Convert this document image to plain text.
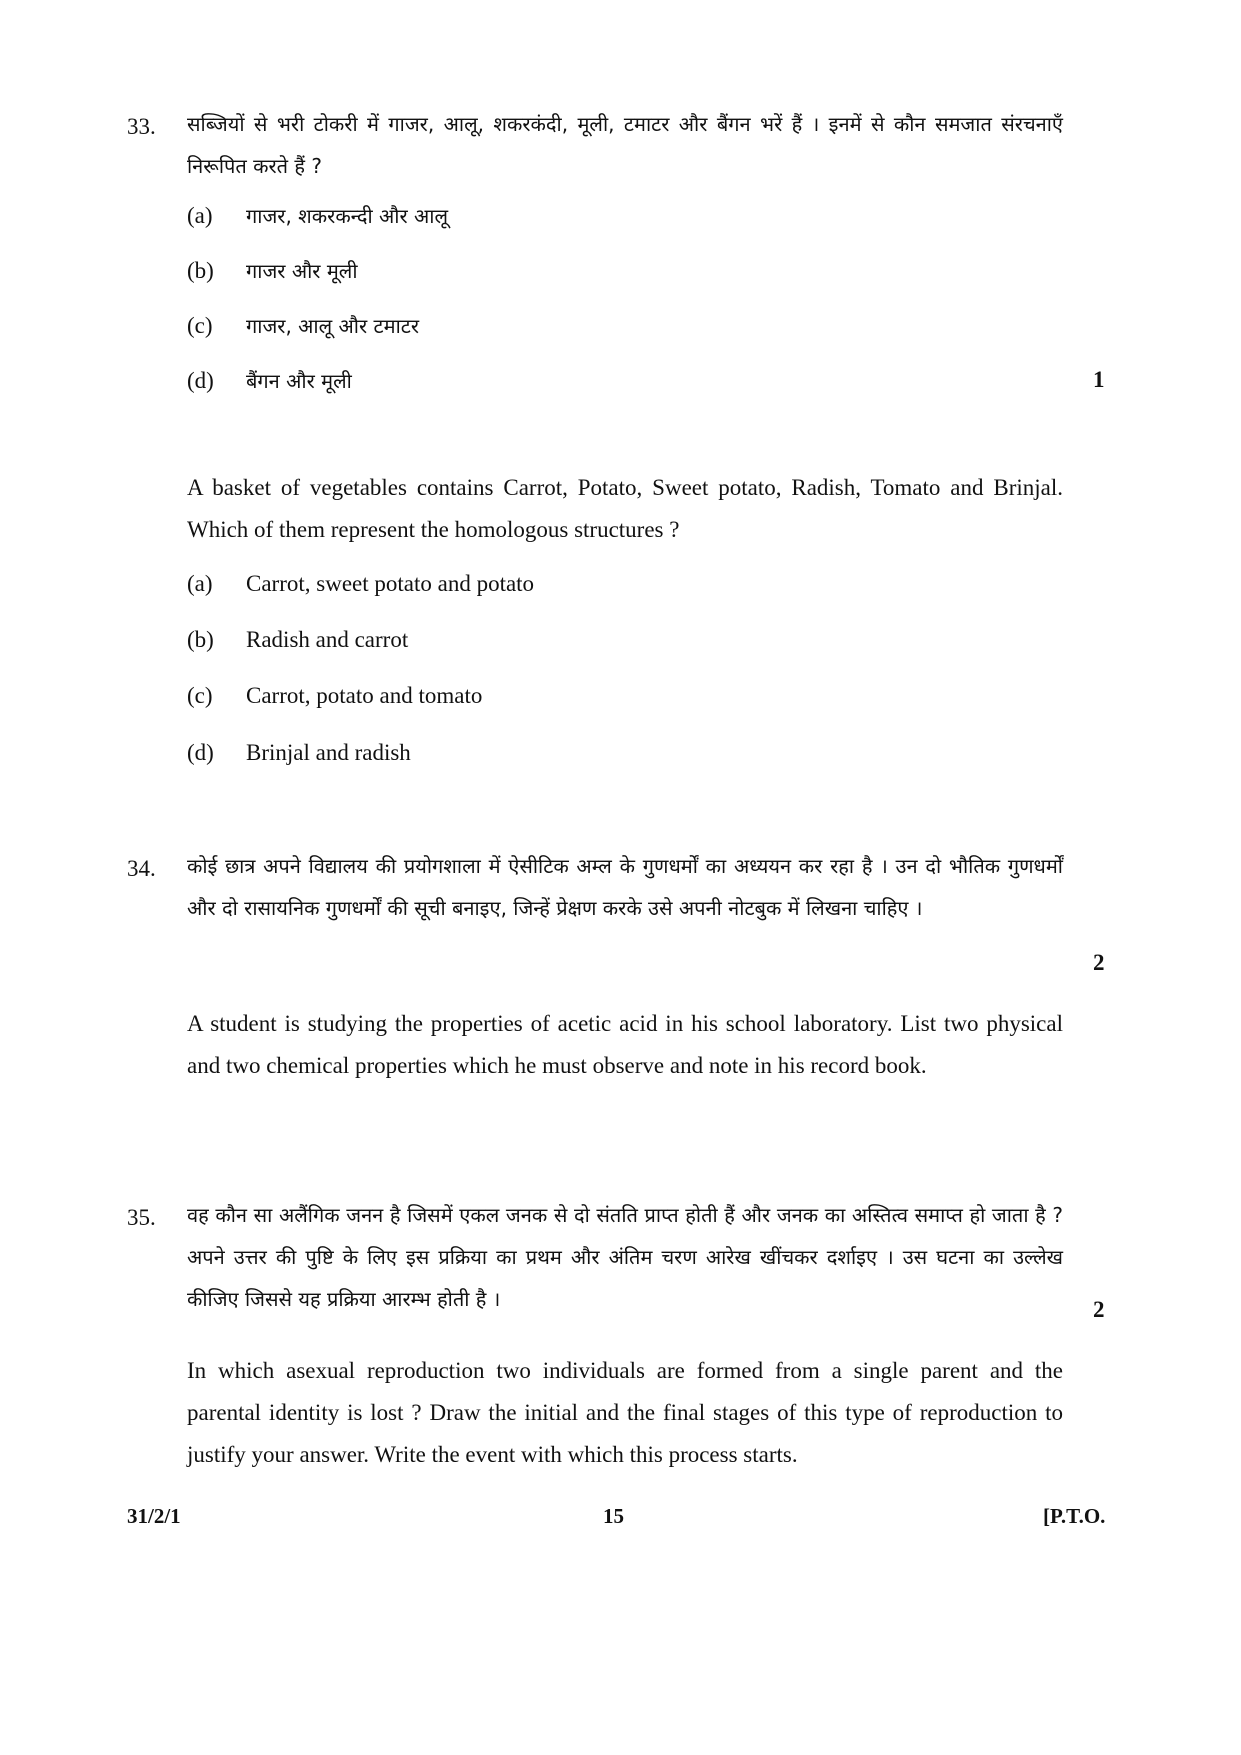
33. सब्जियों से भरी टोकरी में गाजर, आलू, शकरकंदी, मूली, टमाटर और बैंगन भरें हैं । इनमें से कौन समजात संरचनाएँ निरूपित करते हैं ?
(a)	गाजर, शकरकन्दी और आलू
(b)	गाजर और मूली
(c)	गाजर, आलू और टमाटर
(d)	बैंगन और मूली	1
A basket of vegetables contains Carrot, Potato, Sweet potato, Radish, Tomato and Brinjal. Which of them represent the homologous structures ?
(a)	Carrot, sweet potato and potato
(b)	Radish and carrot
(c)	Carrot, potato and tomato
(d)	Brinjal and radish
34. कोई छात्र अपने विद्यालय की प्रयोगशाला में ऐसीटिक अम्ल के गुणधर्मों का अध्ययन कर रहा है । उन दो भौतिक गुणधर्मों और दो रासायनिक गुणधर्मों की सूची बनाइए, जिन्हें प्रेक्षण करके उसे अपनी नोटबुक में लिखना चाहिए ।
2
A student is studying the properties of acetic acid in his school laboratory. List two physical and two chemical properties which he must observe and note in his record book.
35. वह कौन सा अलैंगिक जनन है जिसमें एकल जनक से दो संतति प्राप्त होती हैं और जनक का अस्तित्व समाप्त हो जाता है ? अपने उत्तर की पुष्टि के लिए इस प्रक्रिया का प्रथम और अंतिम चरण आरेख खींचकर दर्शाइए । उस घटना का उल्लेख कीजिए जिससे यह प्रक्रिया आरम्भ होती है ।	2
In which asexual reproduction two individuals are formed from a single parent and the parental identity is lost ? Draw the initial and the final stages of this type of reproduction to justify your answer. Write the event with which this process starts.
31/2/1	15	[P.T.O.
